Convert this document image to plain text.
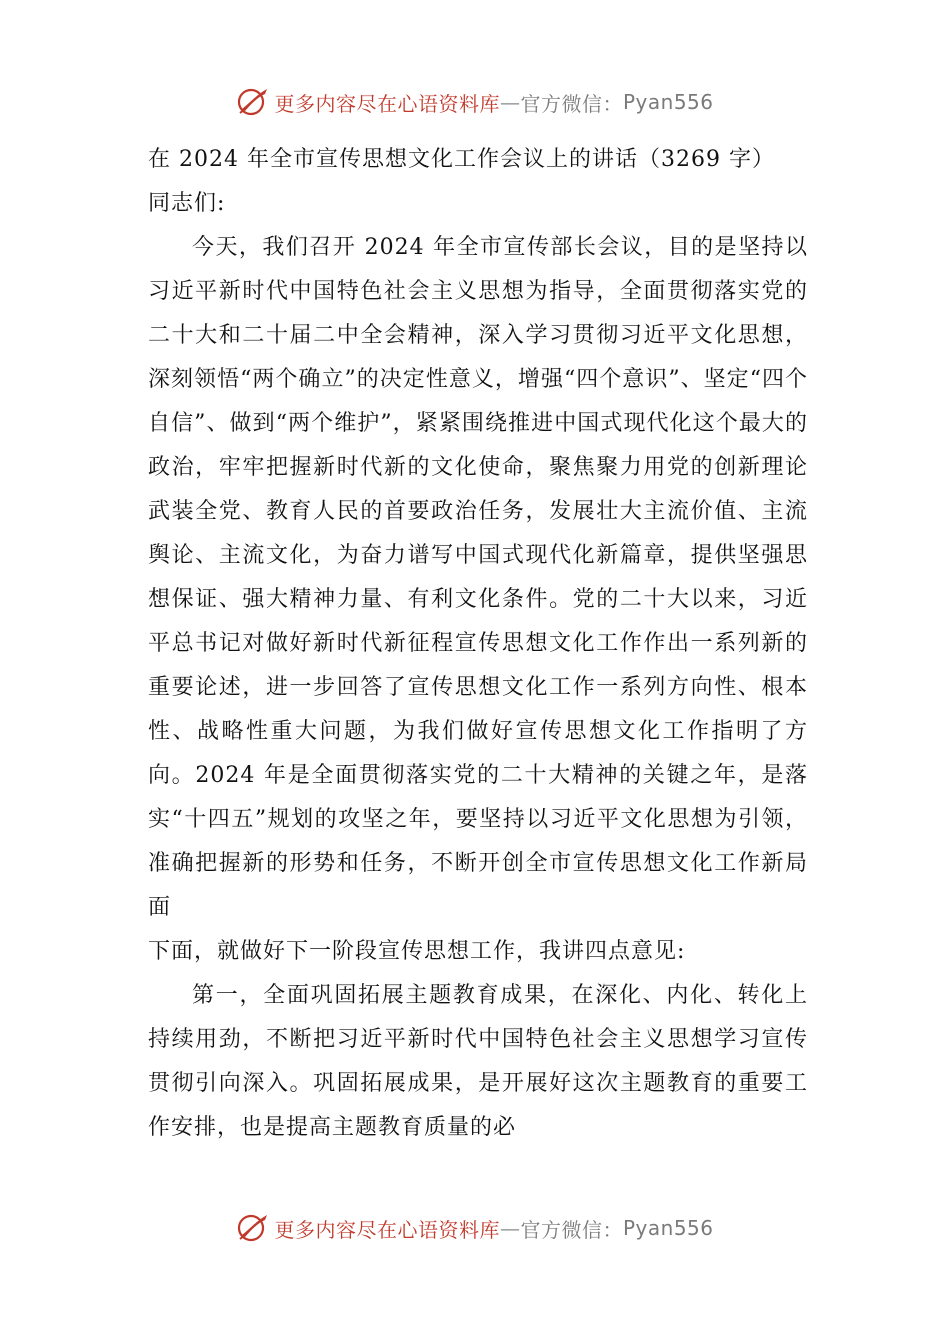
更多内容尽在心语资料库 — 官方微信： Pyan556

在 2024 年全市宣传思想文化工作会议上的讲话（3269 字）

同志们:

今天，我们召开 2024 年全市宣传部长会议，目的是坚持以习近平新时代中国特色社会主义思想为指导，全面贯彻落实党的二十大和二十届二中全会精神，深入学习贯彻习近平文化思想，深刻领悟“两个确立”的决定性意义，增强“四个意识”、坚定“四个自信”、做到“两个维护”，紧紧围绕推进中国式现代化这个最大的政治，牢牢把握新时代新的文化使命，聚焦聚力用党的创新理论武装全党、教育人民的首要政治任务，发展壮大主流价值、主流舆论、主流文化，为奋力谱写中国式现代化新篇章，提供坚强思想保证、强大精神力量、有利文化条件。党的二十大以来，习近平总书记对做好新时代新征程宣传思想文化工作作出一系列新的重要论述，进一步回答了宣传思想文化工作一系列方向性、根本性、战略性重大问题，为我们做好宣传思想文化工作指明了方向。2024 年是全面贯彻落实党的二十大精神的关键之年，是落实“十四五”规划的攻坚之年，要坚持以习近平文化思想为引领，准确把握新的形势和任务，不断开创全市宣传思想文化工作新局面

下面，就做好下一阶段宣传思想工作，我讲四点意见:

第一，全面巩固拓展主题教育成果，在深化、内化、转化上持续用劲，不断把习近平新时代中国特色社会主义思想学习宣传贯彻引向深入。巩固拓展成果，是开展好这次主题教育的重要工作安排，也是提高主题教育质量的必

更多内容尽在心语资料库 — 官方微信： Pyan556
